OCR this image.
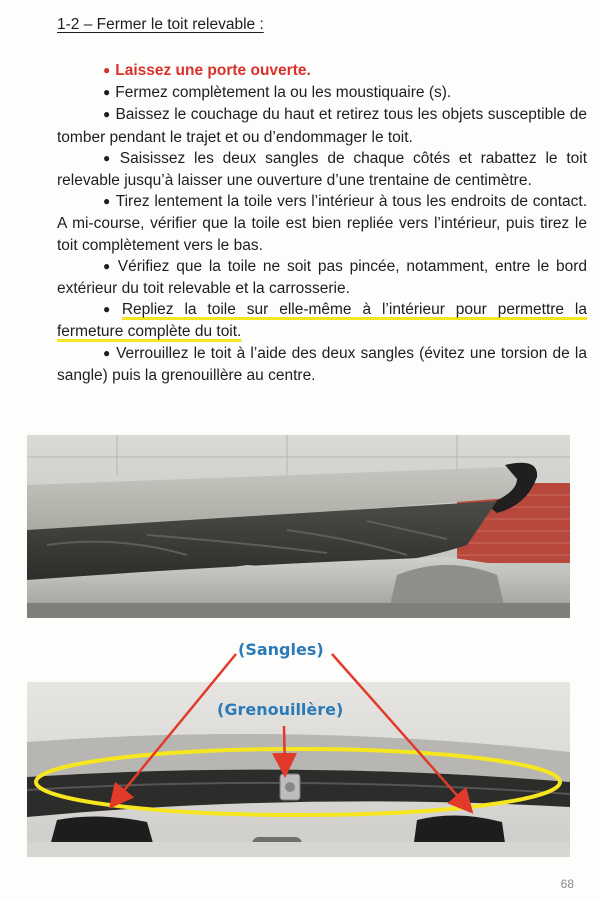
1-2 – Fermer le toit relevable :

● Laissez une porte ouverte.

● Fermez complètement la ou les moustiquaire (s).

● Baissez le couchage du haut et retirez tous les objets susceptible de tomber pendant le trajet et ou d’endommager le toit.

● Saisissez les deux sangles de chaque côtés et rabattez le toit relevable jusqu’à laisser une ouverture d’une trentaine de centimètre.

● Tirez lentement la toile vers l’intérieur à tous les endroits de contact. A mi-course, vérifier que la toile est bien repliée vers l’intérieur, puis tirez le toit complètement vers le bas.

● Vérifiez que la toile ne soit pas pincée, notamment, entre le bord extérieur du toit relevable et la carrosserie.

● Repliez la toile sur elle-même à l’intérieur pour permettre la fermeture complète du toit.

● Verrouillez le toit à l’aide des deux sangles (évitez une torsion de la sangle) puis la grenouillère au centre.

(Sangles)
(Grenouillère)
68
